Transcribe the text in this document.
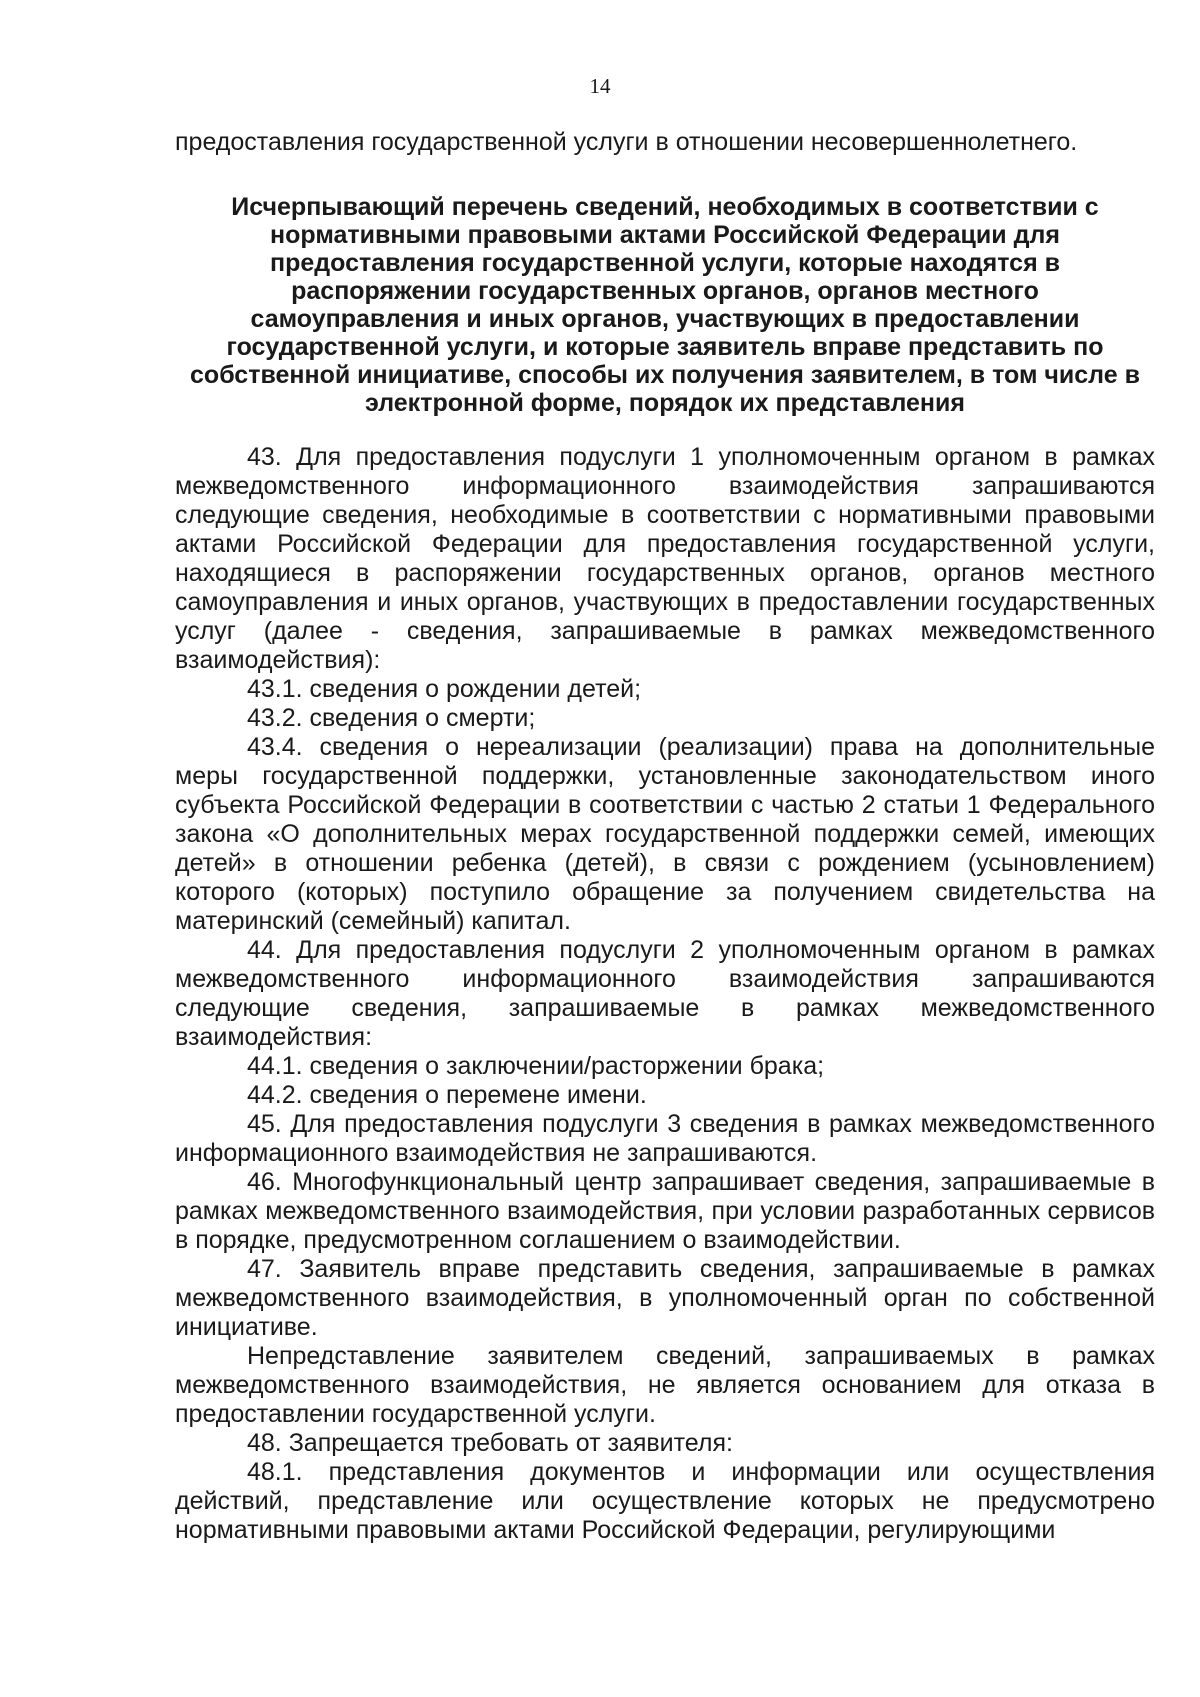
14

предоставления государственной услуги в отношении несовершеннолетнего.

Исчерпывающий перечень сведений, необходимых в соответствии с нормативными правовыми актами Российской Федерации для предоставления государственной услуги, которые находятся в распоряжении государственных органов, органов местного самоуправления и иных органов, участвующих в предоставлении государственной услуги, и которые заявитель вправе представить по собственной инициативе, способы их получения заявителем, в том числе в электронной форме, порядок их представления

43. Для предоставления подуслуги 1 уполномоченным органом в рамках межведомственного информационного взаимодействия запрашиваются следующие сведения, необходимые в соответствии с нормативными правовыми актами Российской Федерации для предоставления государственной услуги, находящиеся в распоряжении государственных органов, органов местного самоуправления и иных органов, участвующих в предоставлении государственных услуг (далее - сведения, запрашиваемые в рамках межведомственного взаимодействия):

43.1. сведения о рождении детей;

43.2. сведения о смерти;

43.4. сведения о нереализации (реализации) права на дополнительные меры государственной поддержки, установленные законодательством иного субъекта Российской Федерации в соответствии с частью 2 статьи 1 Федерального закона «О дополнительных мерах государственной поддержки семей, имеющих детей» в отношении ребенка (детей), в связи с рождением (усыновлением) которого (которых) поступило обращение за получением свидетельства на материнский (семейный) капитал.

44. Для предоставления подуслуги 2 уполномоченным органом в рамках межведомственного информационного взаимодействия запрашиваются следующие сведения, запрашиваемые в рамках межведомственного взаимодействия:

44.1. сведения о заключении/расторжении брака;

44.2. сведения о перемене имени.

45. Для предоставления подуслуги 3 сведения в рамках межведомственного информационного взаимодействия не запрашиваются.

46. Многофункциональный центр запрашивает сведения, запрашиваемые в рамках межведомственного взаимодействия, при условии разработанных сервисов в порядке, предусмотренном соглашением о взаимодействии.

47. Заявитель вправе представить сведения, запрашиваемые в рамках межведомственного взаимодействия, в уполномоченный орган по собственной инициативе.

Непредставление заявителем сведений, запрашиваемых в рамках межведомственного взаимодействия, не является основанием для отказа в предоставлении государственной услуги.

48. Запрещается требовать от заявителя:

48.1. представления документов и информации или осуществления действий, представление или осуществление которых не предусмотрено нормативными правовыми актами Российской Федерации, регулирующими
